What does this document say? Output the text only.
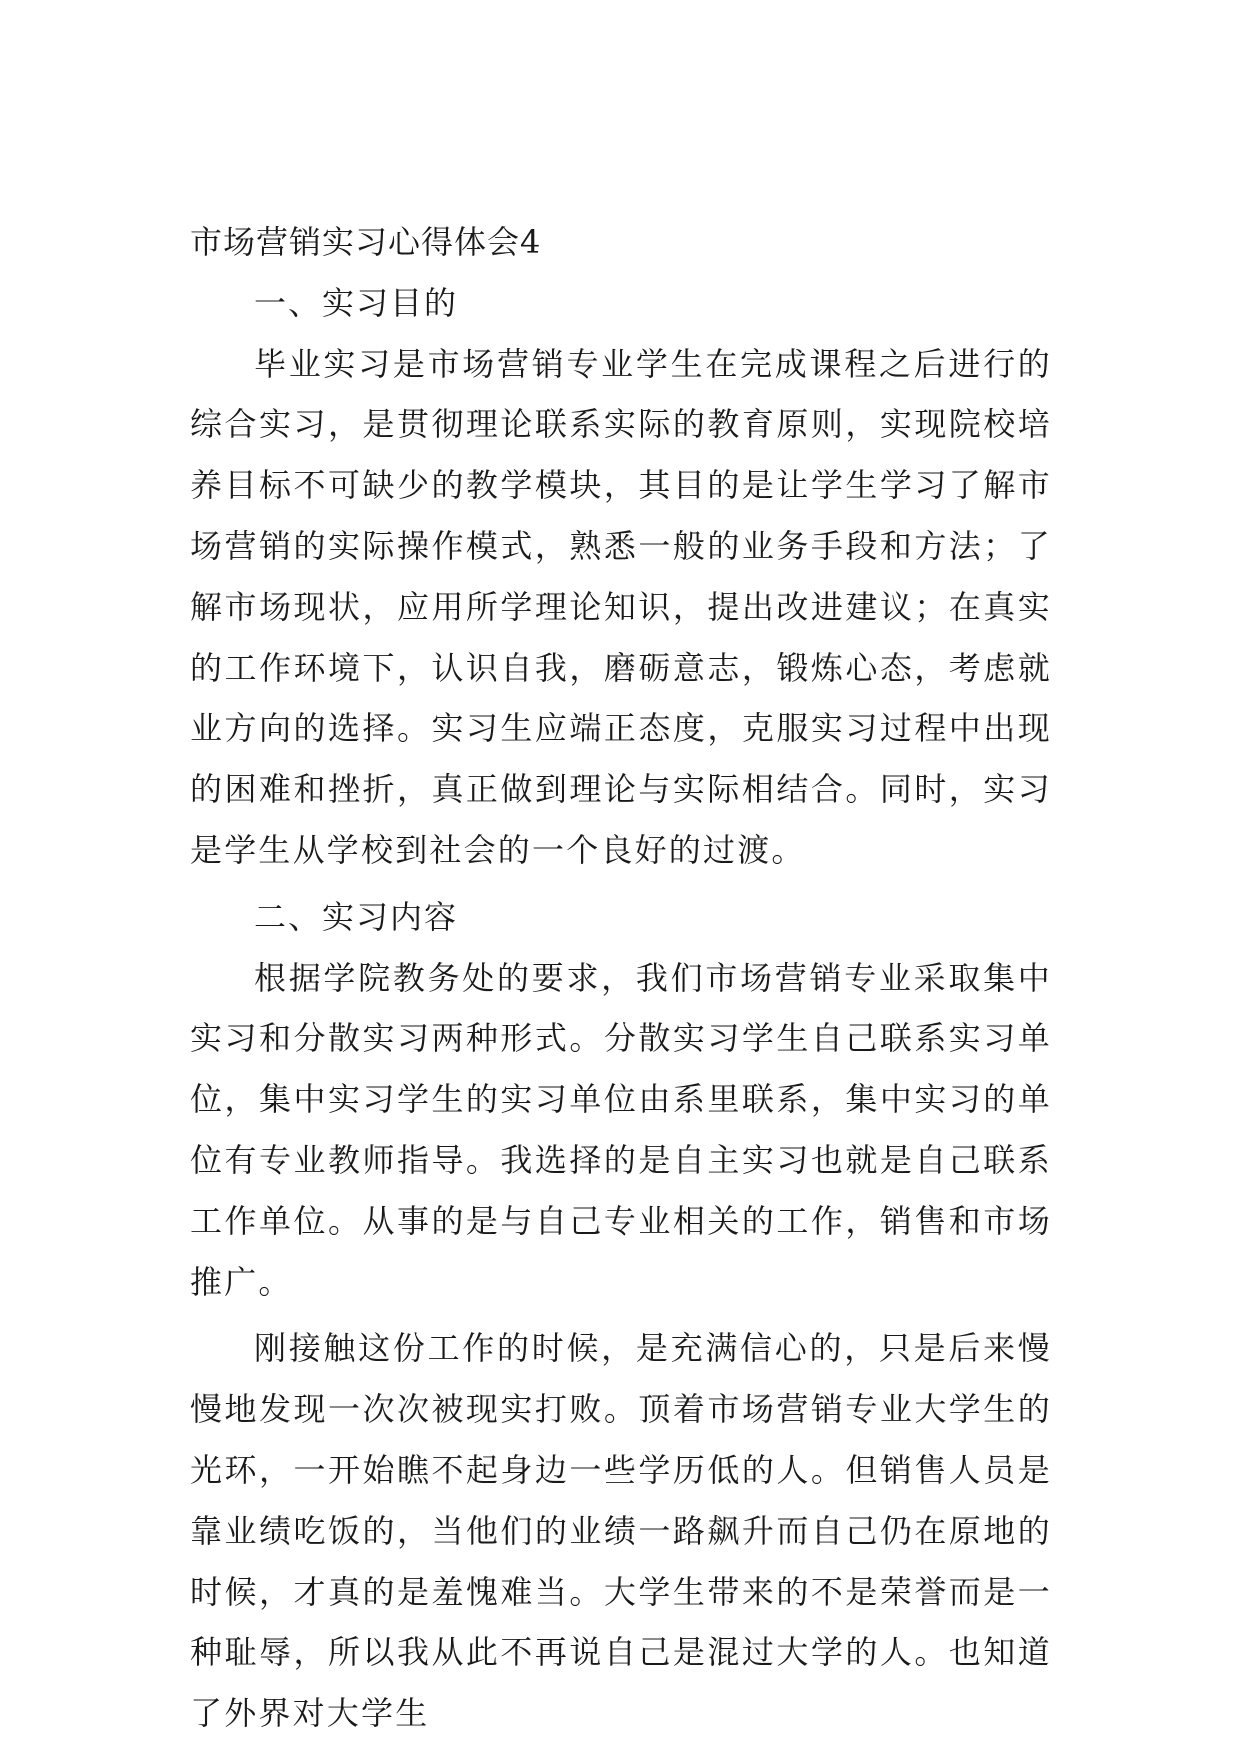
市场营销实习心得体会4

一、实习目的

毕业实习是市场营销专业学生在完成课程之后进行的综合实习，是贯彻理论联系实际的教育原则，实现院校培养目标不可缺少的教学模块，其目的是让学生学习了解市场营销的实际操作模式，熟悉一般的业务手段和方法；了解市场现状，应用所学理论知识，提出改进建议；在真实的工作环境下，认识自我，磨砺意志，锻炼心态，考虑就业方向的选择。实习生应端正态度，克服实习过程中出现的困难和挫折，真正做到理论与实际相结合。同时，实习是学生从学校到社会的一个良好的过渡。

二、实习内容

根据学院教务处的要求，我们市场营销专业采取集中实习和分散实习两种形式。分散实习学生自己联系实习单位，集中实习学生的实习单位由系里联系，集中实习的单位有专业教师指导。我选择的是自主实习也就是自己联系工作单位。从事的是与自己专业相关的工作，销售和市场推广。

刚接触这份工作的时候，是充满信心的，只是后来慢慢地发现一次次被现实打败。顶着市场营销专业大学生的光环，一开始瞧不起身边一些学历低的人。但销售人员是靠业绩吃饭的，当他们的业绩一路飙升而自己仍在原地的时候，才真的是羞愧难当。大学生带来的不是荣誉而是一种耻辱，所以我从此不再说自己是混过大学的人。也知道了外界对大学生
